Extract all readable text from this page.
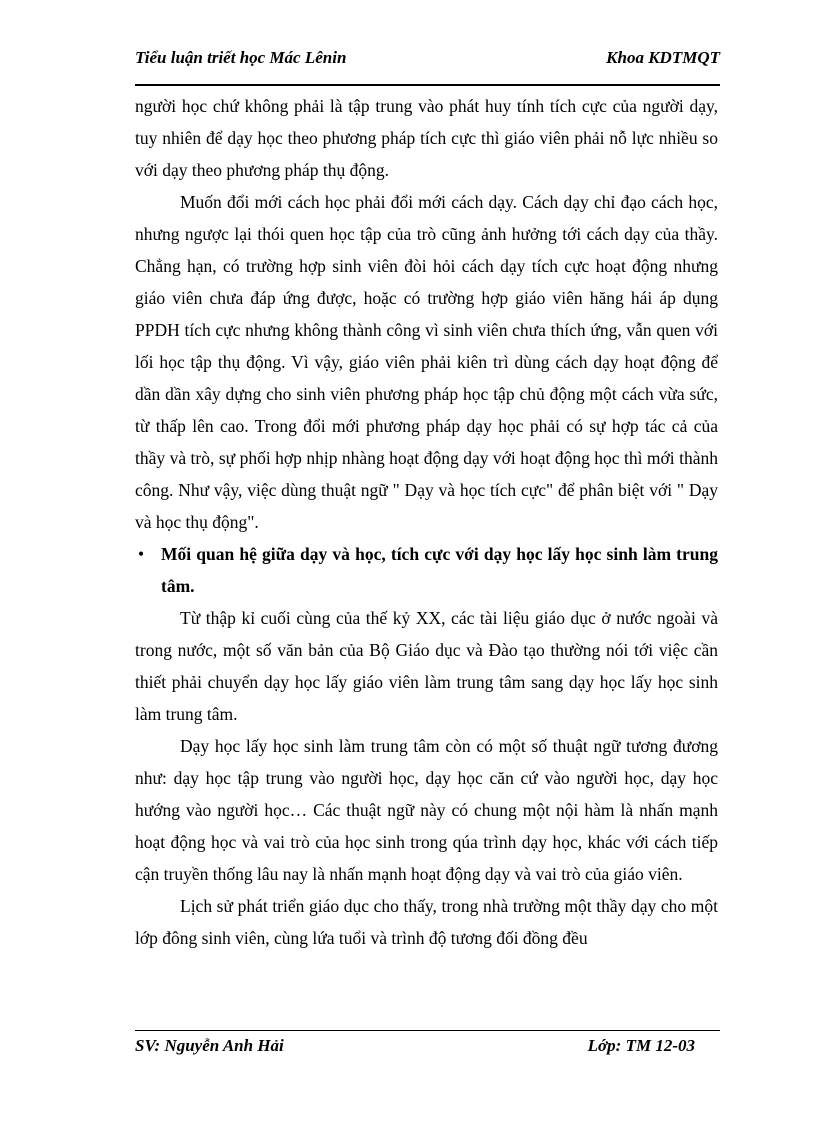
Tiểu luận triết học Mác Lênin	Khoa KDTMQT

người học chứ không phải là tập trung vào phát huy tính tích cực của người dạy, tuy nhiên để dạy học theo phương pháp tích cực thì giáo viên phải nỗ lực nhiều so với dạy theo phương pháp thụ động.

Muốn đổi mới cách học phải đổi mới cách dạy. Cách dạy chỉ đạo cách học, nhưng ngược lại thói quen học tập của trò cũng ảnh hưởng tới cách dạy của thầy. Chẳng hạn, có trường hợp sinh viên đòi hỏi cách dạy tích cực hoạt động nhưng giáo viên chưa đáp ứng được, hoặc có trường hợp giáo viên hăng hái áp dụng PPDH tích cực nhưng không thành công vì sinh viên chưa thích ứng, vẫn quen với lối học tập thụ động. Vì vậy, giáo viên phải kiên trì dùng cách dạy hoạt động để dần dần xây dựng cho sinh viên phương pháp học tập chủ động một cách vừa sức, từ thấp lên cao. Trong đổi mới phương pháp dạy học phải có sự hợp tác cả của thầy và trò, sự phối hợp nhịp nhàng hoạt động dạy với hoạt động học thì mới thành công. Như vậy, việc dùng thuật ngữ " Dạy và học tích cực" để phân biệt với " Dạy và học thụ động".

• Mối quan hệ giữa dạy và học, tích cực với dạy học lấy học sinh làm trung tâm.

Từ thập kỉ cuối cùng của thế kỷ XX, các tài liệu giáo dục ở nước ngoài và trong nước, một số văn bản của Bộ Giáo dục và Đào tạo thường nói tới việc cần thiết phải chuyển dạy học lấy giáo viên làm trung tâm sang dạy học lấy học sinh làm trung tâm.

Dạy học lấy học sinh làm trung tâm còn có một số thuật ngữ tương đương như: dạy học tập trung vào người học, dạy học căn cứ vào người học, dạy học hướng vào người học… Các thuật ngữ này có chung một nội hàm là nhấn mạnh hoạt động học và vai trò của học sinh trong qúa trình dạy học, khác với cách tiếp cận truyền thống lâu nay là nhấn mạnh hoạt động dạy và vai trò của giáo viên.

Lịch sử phát triển giáo dục cho thấy, trong nhà trường một thầy dạy cho một lớp đông sinh viên, cùng lứa tuổi và trình độ tương đối đồng đều

SV: Nguyễn Anh Hải	Lớp: TM 12-03
